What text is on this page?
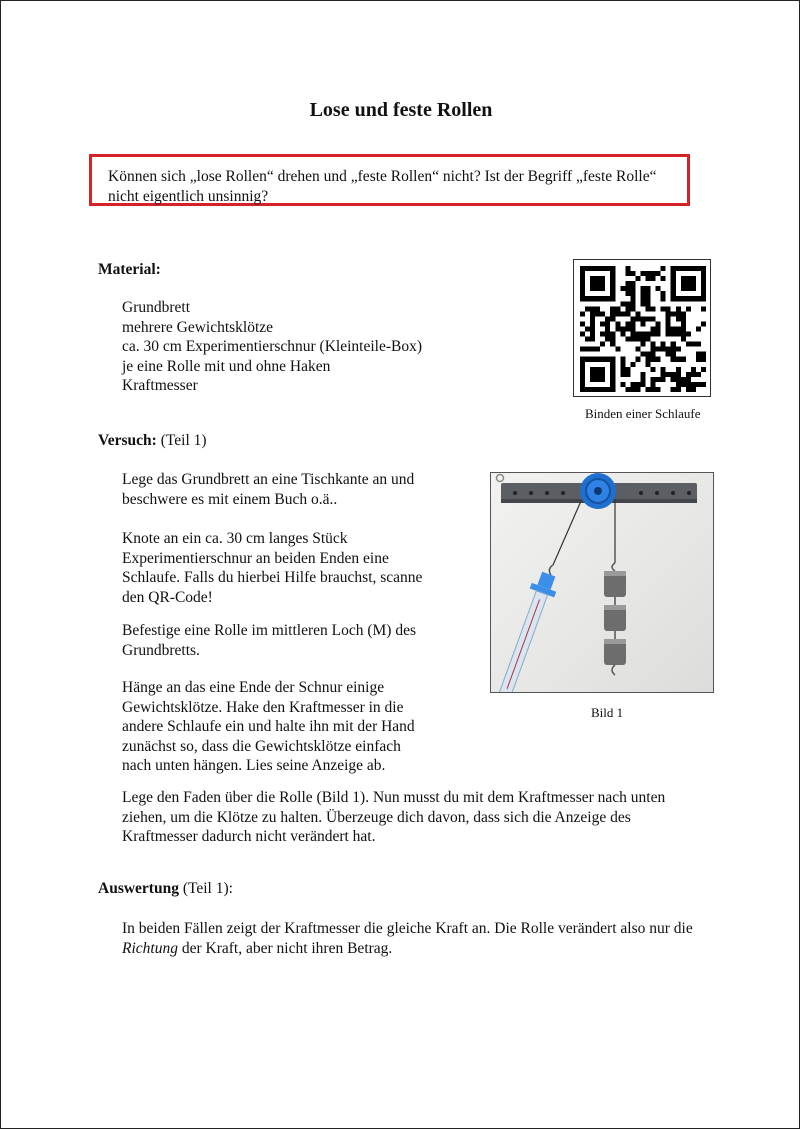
Lose und feste Rollen
Können sich „lose Rollen“ drehen und „feste Rollen“ nicht? Ist der Begriff „feste Rolle“ nicht eigentlich unsinnig?
Material:
Grundbrett
mehrere Gewichtsklötze
ca. 30 cm Experimentierschnur (Kleinteile-Box)
je eine Rolle mit und ohne Haken
Kraftmesser
Binden einer Schlaufe
Versuch: (Teil 1)
Lege das Grundbrett an eine Tischkante an und beschwere es mit einem Buch o.ä..
Knote an ein ca. 30 cm langes Stück Experimentierschnur an beiden Enden eine Schlaufe. Falls du hierbei Hilfe brauchst, scanne den QR-Code!
Befestige eine Rolle im mittleren Loch (M) des Grundbretts.
Hänge an das eine Ende der Schnur einige Gewichtsklötze. Hake den Kraftmesser in die andere Schlaufe ein und halte ihn mit der Hand zunächst so, dass die Gewichtsklötze einfach nach unten hängen. Lies seine Anzeige ab.
Lege den Faden über die Rolle (Bild 1). Nun musst du mit dem Kraftmesser nach unten ziehen, um die Klötze zu halten. Überzeuge dich davon, dass sich die Anzeige des Kraftmesser dadurch nicht verändert hat.
Bild 1
Auswertung (Teil 1):
In beiden Fällen zeigt der Kraftmesser die gleiche Kraft an. Die Rolle verändert also nur die Richtung der Kraft, aber nicht ihren Betrag.
